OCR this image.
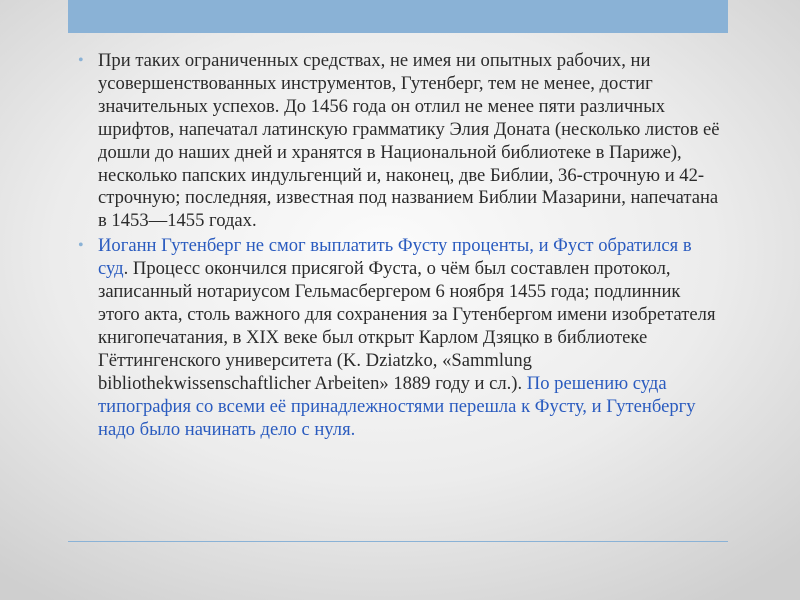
• При таких ограниченных средствах, не имея ни опытных рабочих, ни усовершенствованных инструментов, Гутенберг, тем не менее, достиг значительных успехов. До 1456 года он отлил не менее пяти различных шрифтов, напечатал латинскую грамматику Элия Доната (несколько листов её дошли до наших дней и хранятся в Национальной библиотеке в Париже), несколько папских индульгенций и, наконец, две Библии, 36-строчную и 42-строчную; последняя, известная под названием Библии Мазарини, напечатана в 1453—1455 годах.
• Иоганн Гутенберг не смог выплатить Фусту проценты, и Фуст обратился в суд. Процесс окончился присягой Фуста, о чём был составлен протокол, записанный нотариусом Гельмасбергером 6 ноября 1455 года; подлинник этого акта, столь важного для сохранения за Гутенбергом имени изобретателя книгопечатания, в XIX веке был открыт Карлом Дзяцко в библиотеке Гёттингенского университета (K. Dziatzko, «Sammlung bibliothekwissenschaftlicher Arbeiten» 1889 году и сл.). По решению суда типография со всеми её принадлежностями перешла к Фусту, и Гутенбергу надо было начинать дело с нуля.
